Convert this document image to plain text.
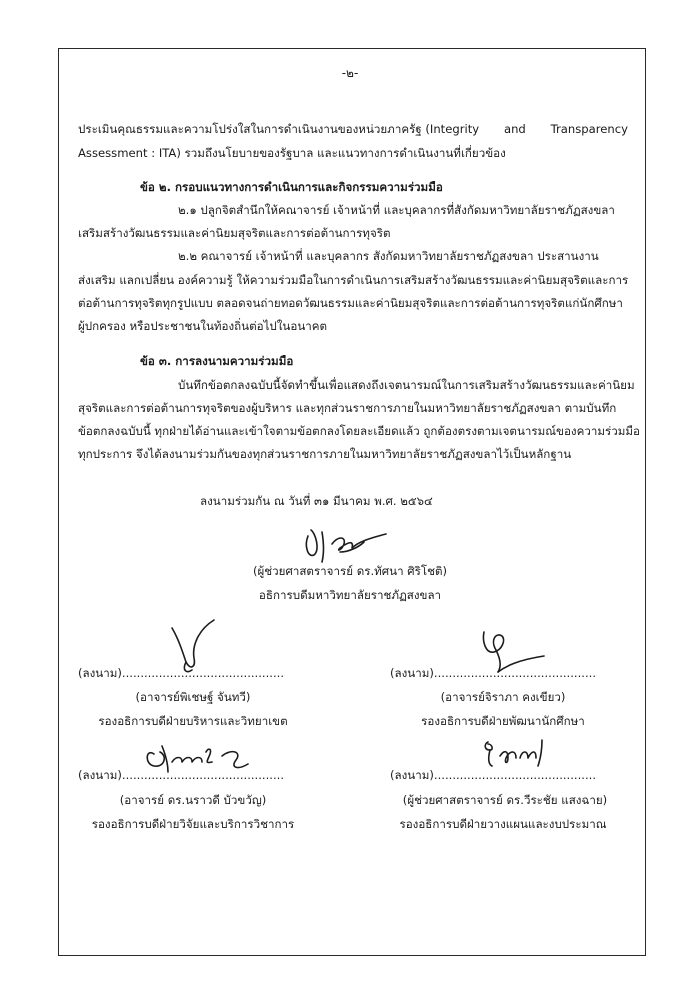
-๒-
ประเมินคุณธรรมและความโปร่งใสในการดำเนินงานของหน่วยภาครัฐ (Integrity and Transparency
Assessment : ITA) รวมถึงนโยบายของรัฐบาล และแนวทางการดำเนินงานที่เกี่ยวข้อง
ข้อ ๒. กรอบแนวทางการดำเนินการและกิจกรรมความร่วมมือ
๒.๑ ปลูกจิตสำนึกให้คณาจารย์ เจ้าหน้าที่ และบุคลากรที่สังกัดมหาวิทยาลัยราชภัฏสงขลา
เสริมสร้างวัฒนธรรมและค่านิยมสุจริตและการต่อต้านการทุจริต
๒.๒ คณาจารย์ เจ้าหน้าที่ และบุคลากร สังกัดมหาวิทยาลัยราชภัฏสงขลา ประสานงาน
ส่งเสริม แลกเปลี่ยน องค์ความรู้ ให้ความร่วมมือในการดำเนินการเสริมสร้างวัฒนธรรมและค่านิยมสุจริตและการ
ต่อต้านการทุจริตทุกรูปแบบ ตลอดจนถ่ายทอดวัฒนธรรมและค่านิยมสุจริตและการต่อต้านการทุจริตแก่นักศึกษา
ผู้ปกครอง หรือประชาชนในท้องถิ่นต่อไปในอนาคต
ข้อ ๓. การลงนามความร่วมมือ
บันทึกข้อตกลงฉบับนี้จัดทำขึ้นเพื่อแสดงถึงเจตนารมณ์ในการเสริมสร้างวัฒนธรรมและค่านิยม
สุจริตและการต่อต้านการทุจริตของผู้บริหาร และทุกส่วนราชการภายในมหาวิทยาลัยราชภัฏสงขลา ตามบันทึก
ข้อตกลงฉบับนี้ ทุกฝ่ายได้อ่านและเข้าใจตามข้อตกลงโดยละเอียดแล้ว ถูกต้องตรงตามเจตนารมณ์ของความร่วมมือ
ทุกประการ จึงได้ลงนามร่วมกันของทุกส่วนราชการภายในมหาวิทยาลัยราชภัฏสงขลาไว้เป็นหลักฐาน
ลงนามร่วมกัน ณ วันที่ ๓๑ มีนาคม พ.ศ. ๒๕๖๔
(ผู้ช่วยศาสตราจารย์ ดร.ทัศนา ศิริโชติ)
อธิการบดีมหาวิทยาลัยราชภัฏสงขลา
(ลงนาม)............................................
(อาจารย์พิเชษฐ์ จันทวี)
รองอธิการบดีฝ่ายบริหารและวิทยาเขต
(ลงนาม)............................................
(อาจารย์จิราภา คงเขียว)
รองอธิการบดีฝ่ายพัฒนานักศึกษา
(ลงนาม)............................................
(อาจารย์ ดร.นราวดี บัวขวัญ)
รองอธิการบดีฝ่ายวิจัยและบริการวิชาการ
(ลงนาม)............................................
(ผู้ช่วยศาสตราจารย์ ดร.วีระชัย แสงฉาย)
รองอธิการบดีฝ่ายวางแผนและงบประมาณ
